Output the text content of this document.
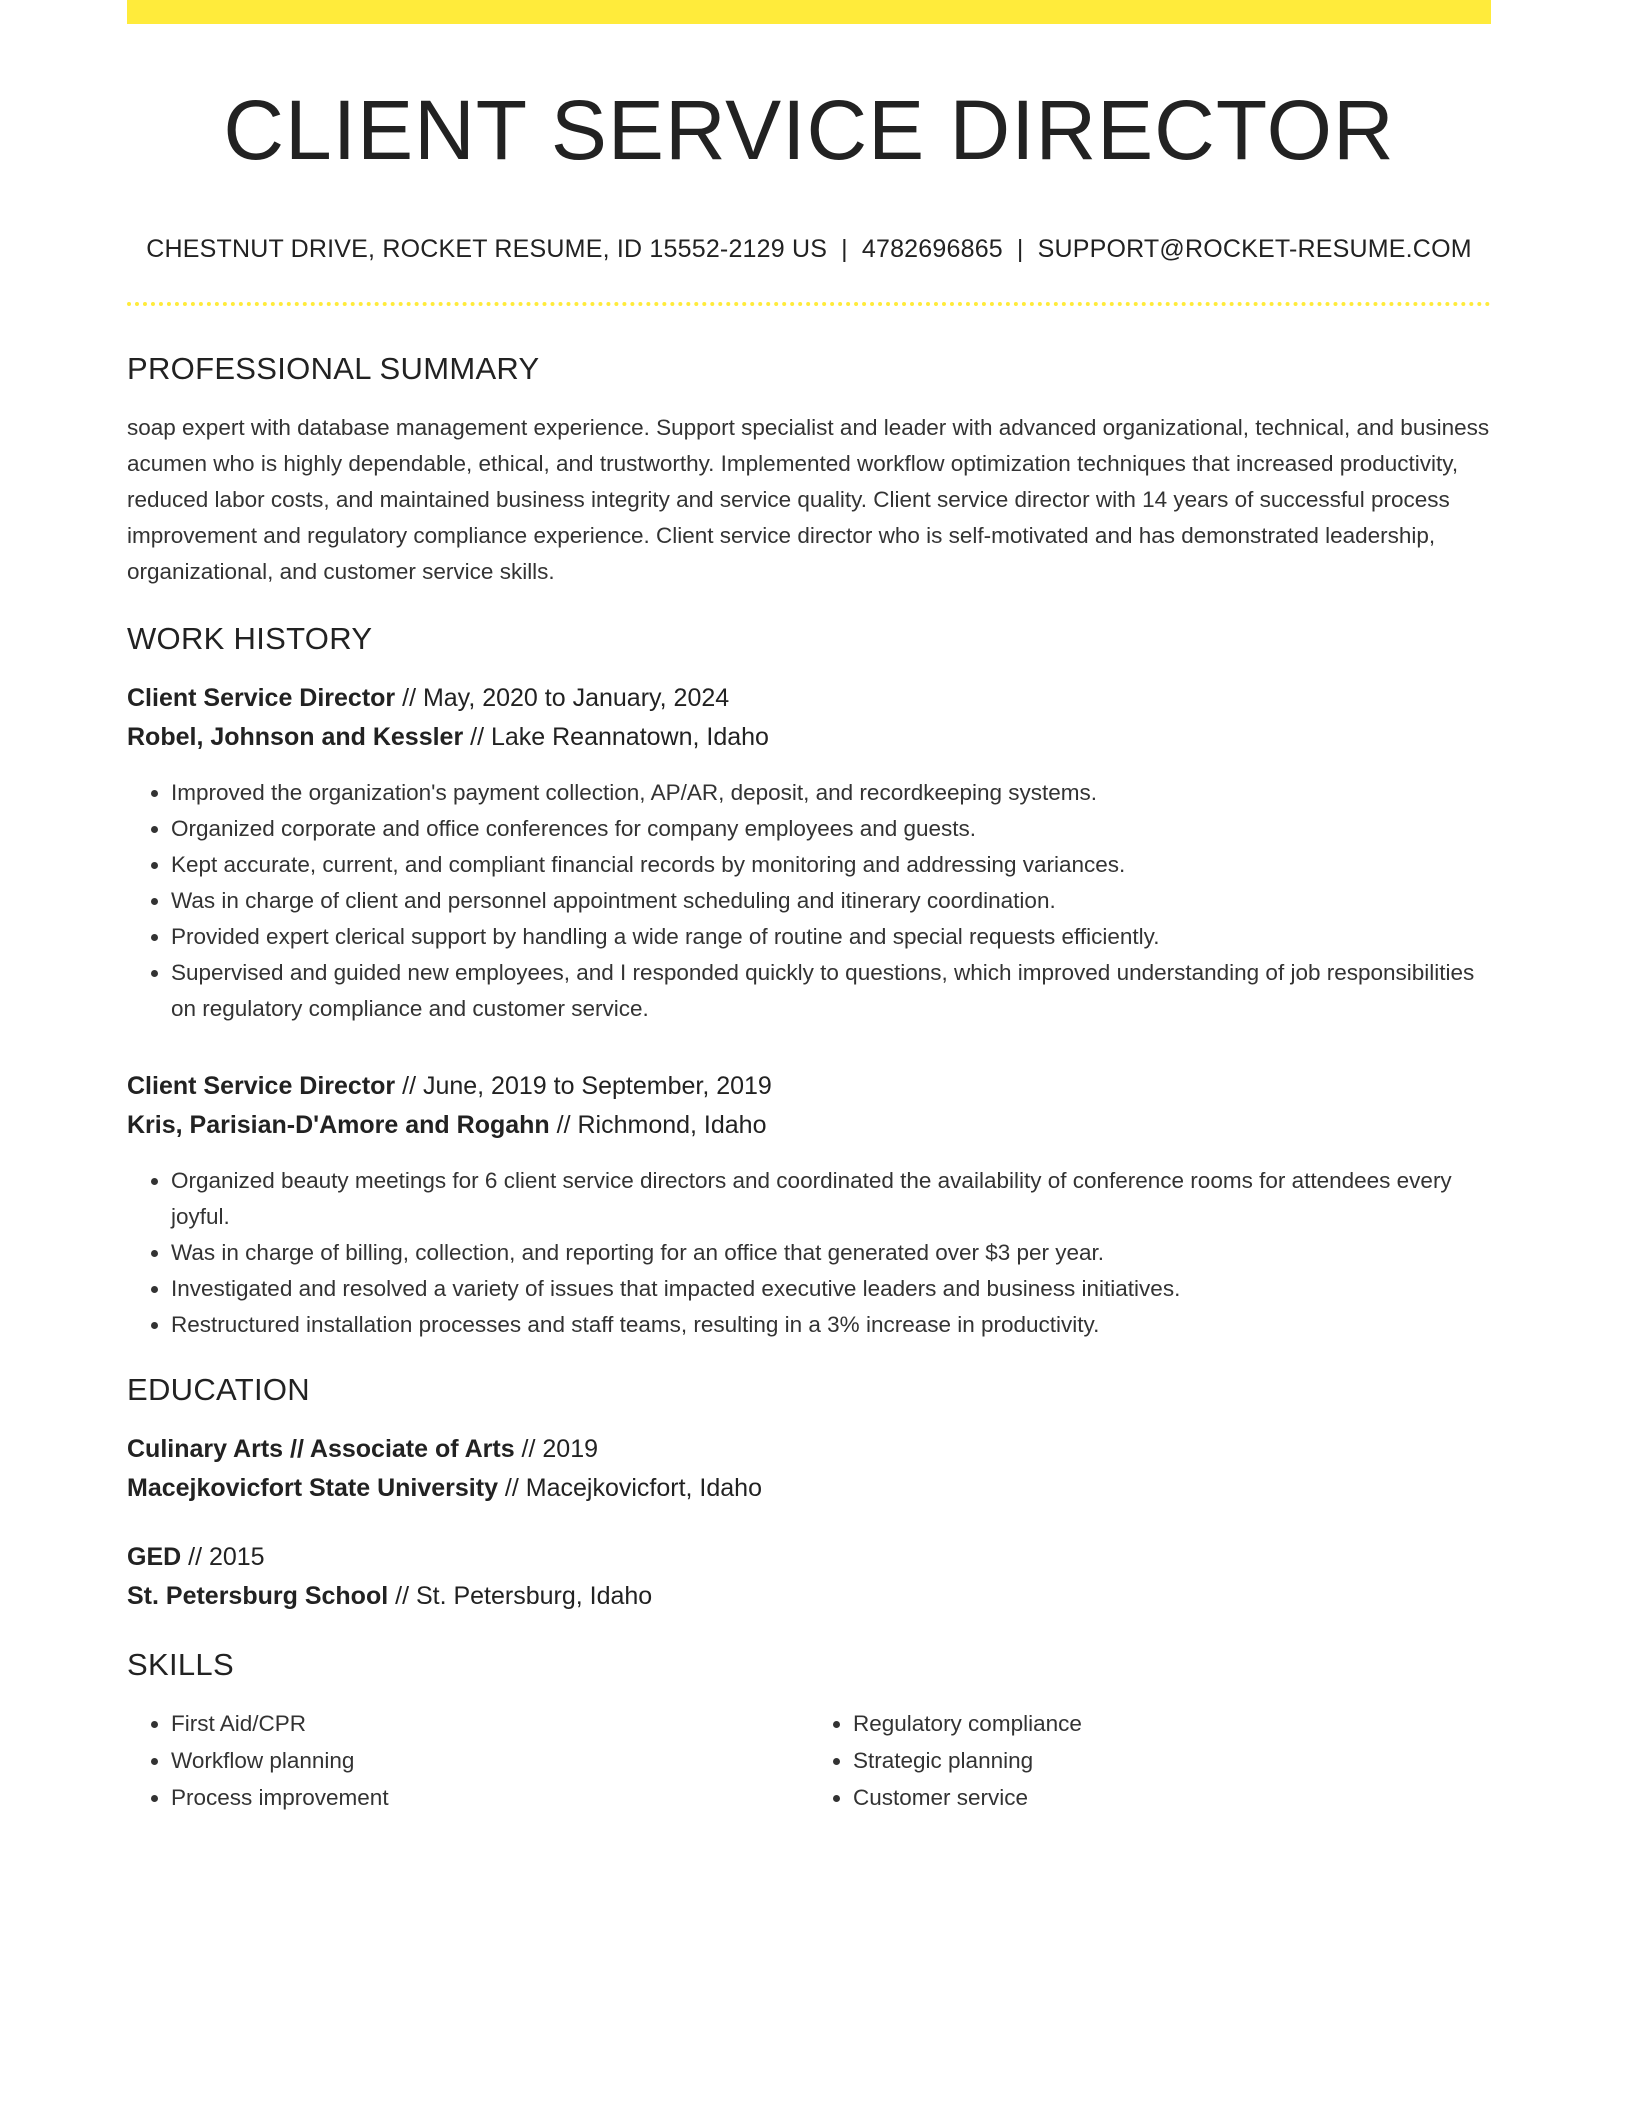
CLIENT SERVICE DIRECTOR
CHESTNUT DRIVE, ROCKET RESUME, ID 15552-2129 US | 4782696865 | SUPPORT@ROCKET-RESUME.COM
PROFESSIONAL SUMMARY

soap expert with database management experience. Support specialist and leader with advanced organizational, technical, and business acumen who is highly dependable, ethical, and trustworthy. Implemented workflow optimization techniques that increased productivity, reduced labor costs, and maintained business integrity and service quality. Client service director with 14 years of successful process improvement and regulatory compliance experience. Client service director who is self-motivated and has demonstrated leadership, organizational, and customer service skills.

WORK HISTORY

Client Service Director // May, 2020 to January, 2024

Robel, Johnson and Kessler // Lake Reannatown, Idaho

• Improved the organization's payment collection, AP/AR, deposit, and recordkeeping systems.
• Organized corporate and office conferences for company employees and guests.
• Kept accurate, current, and compliant financial records by monitoring and addressing variances.
• Was in charge of client and personnel appointment scheduling and itinerary coordination.
• Provided expert clerical support by handling a wide range of routine and special requests efficiently.
• Supervised and guided new employees, and I responded quickly to questions, which improved understanding of job responsibilities on regulatory compliance and customer service.

Client Service Director // June, 2019 to September, 2019

Kris, Parisian-D'Amore and Rogahn // Richmond, Idaho

• Organized beauty meetings for 6 client service directors and coordinated the availability of conference rooms for attendees every joyful.
• Was in charge of billing, collection, and reporting for an office that generated over $3 per year.
• Investigated and resolved a variety of issues that impacted executive leaders and business initiatives.
• Restructured installation processes and staff teams, resulting in a 3% increase in productivity.
EDUCATION

Culinary Arts // Associate of Arts // 2019

Macejkovicfort State University // Macejkovicfort, Idaho

GED // 2015

St. Petersburg School // St. Petersburg, Idaho

SKILLS
• First Aid/CPR
• Workflow planning
• Process improvement
• Regulatory compliance
• Strategic planning
• Customer service
